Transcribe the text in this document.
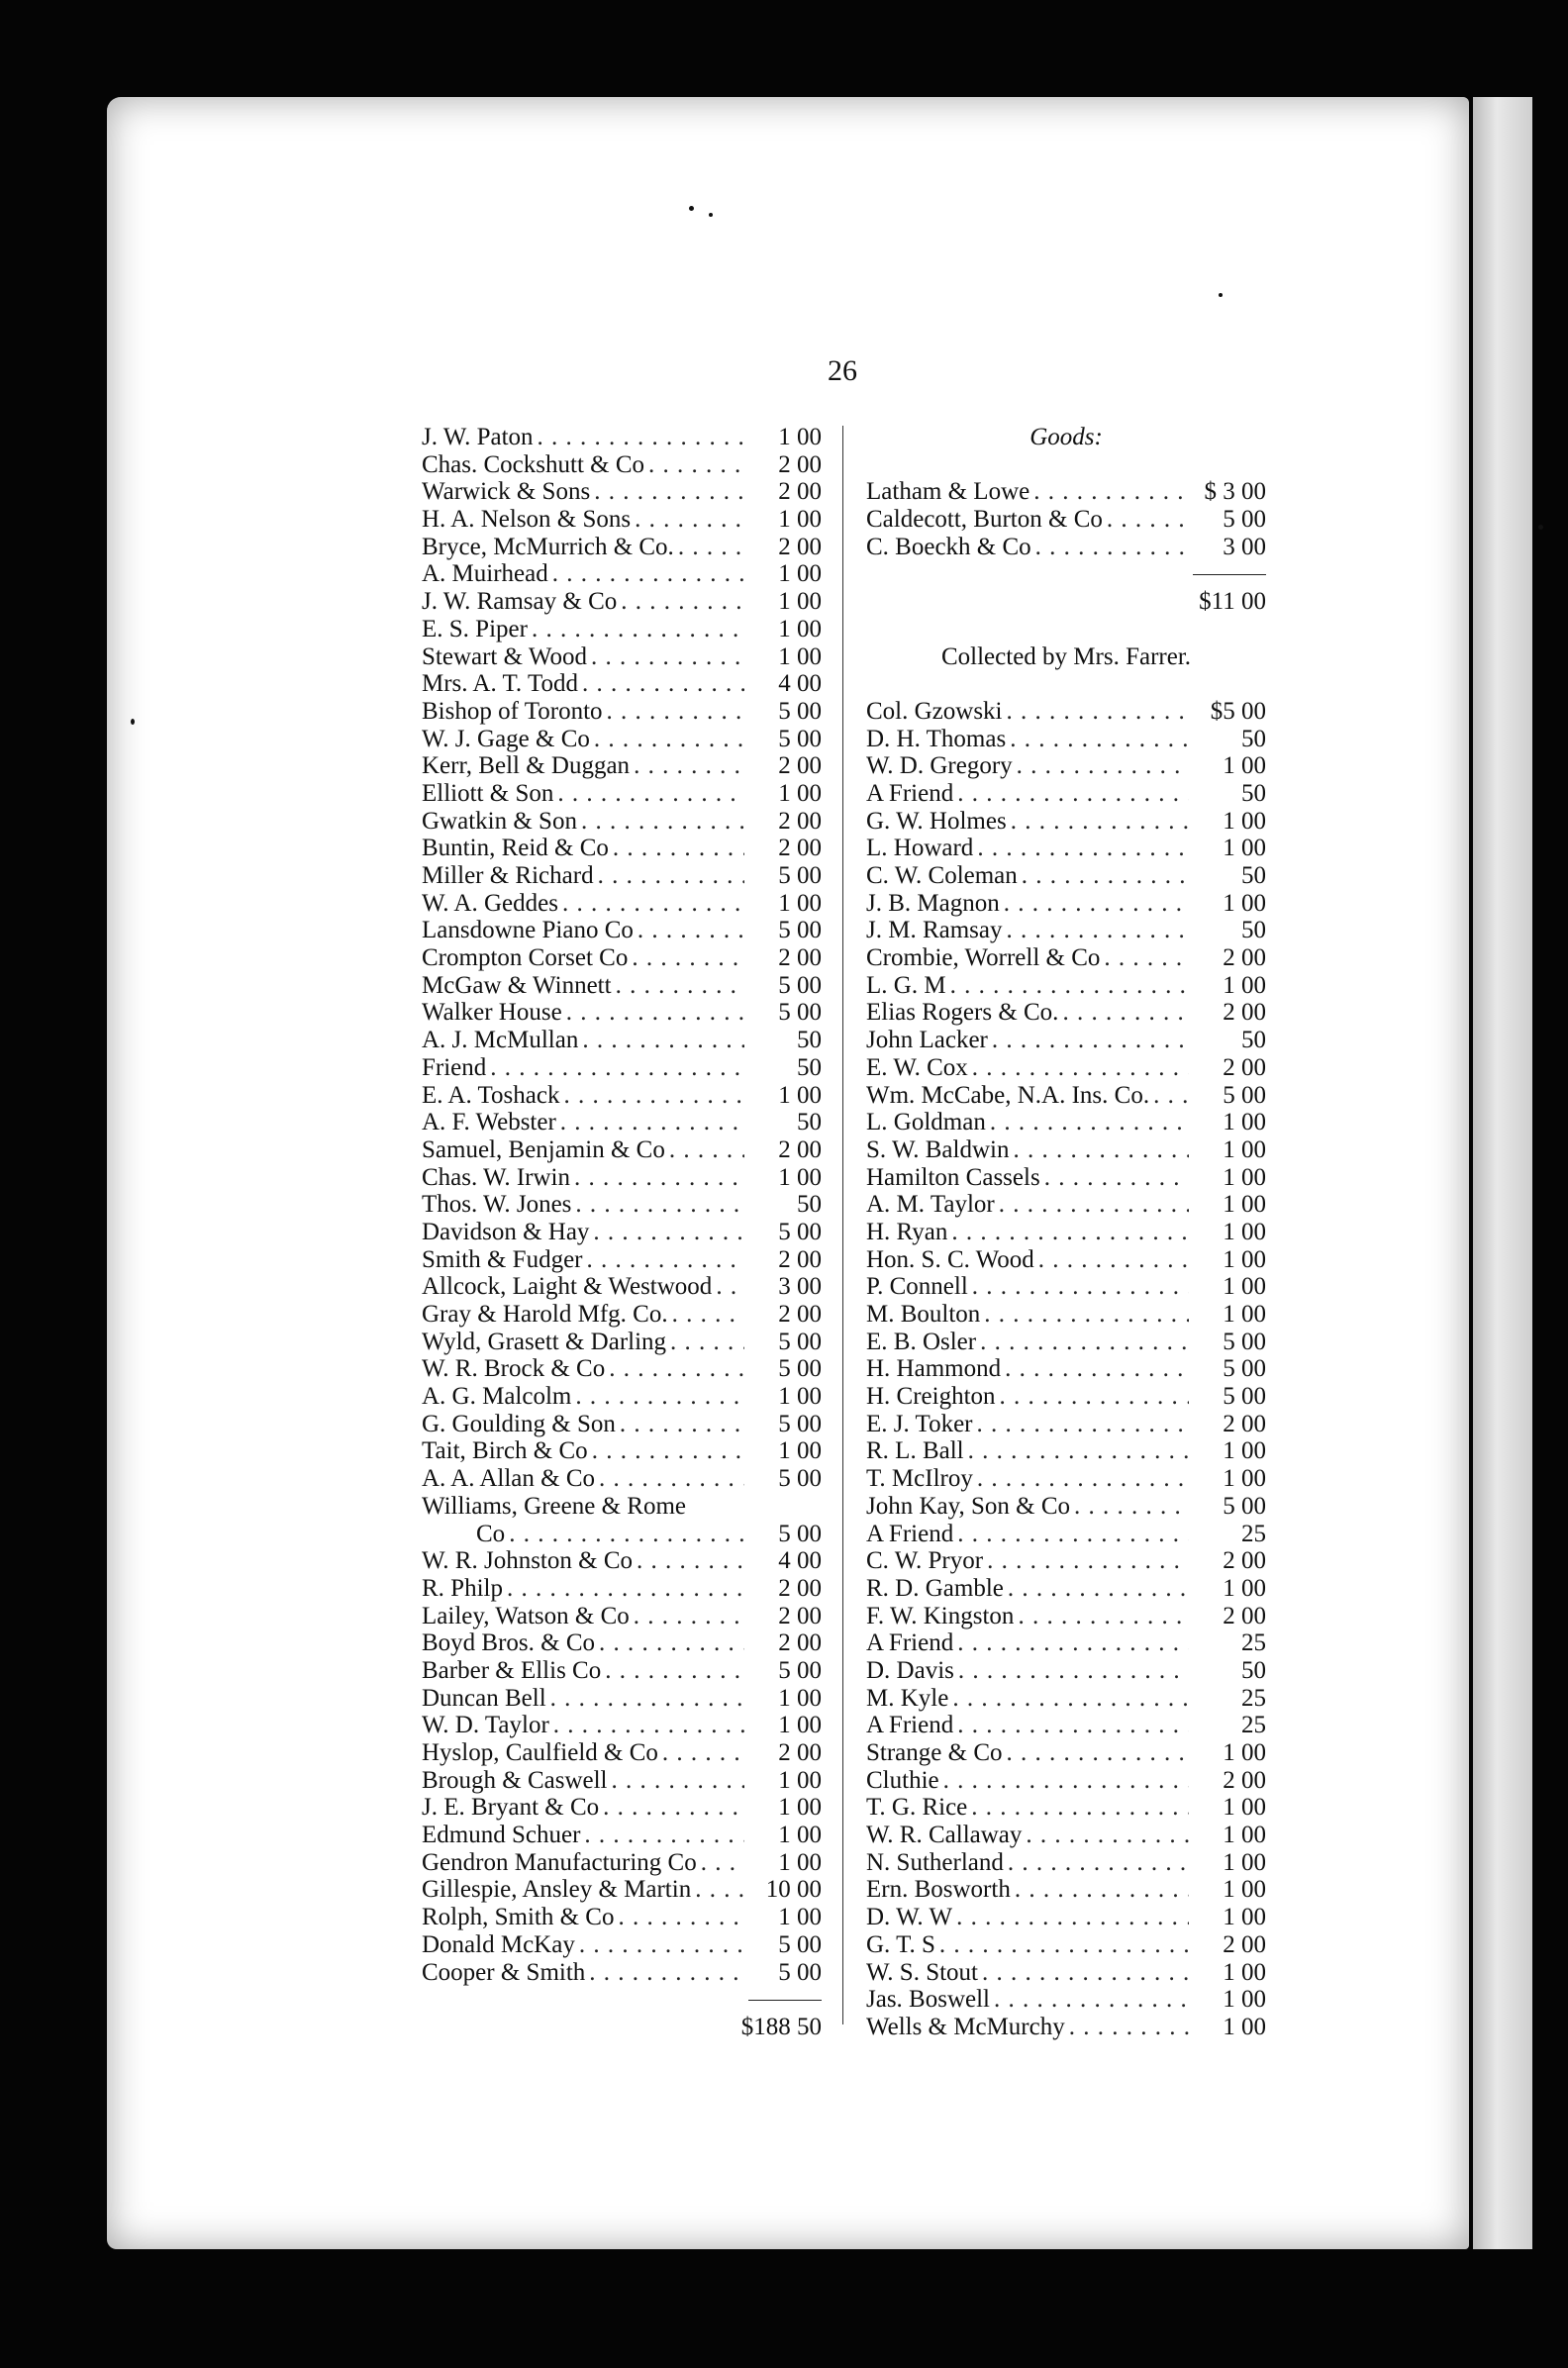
26
J. W. Paton . . .	1 00
Chas. Cockshutt & Co . . .	2 00
Warwick & Sons . . .	2 00
H. A. Nelson & Sons . . .	1 00
Bryce, McMurrich & Co. . . .	2 00
A. Muirhead . . .	1 00
J. W. Ramsay & Co . . .	1 00
E. S. Piper . . .	1 00
Stewart & Wood . . .	1 00
Mrs. A. T. Todd . . .	4 00
Bishop of Toronto . . .	5 00
W. J. Gage & Co . . .	5 00
Kerr, Bell & Duggan . . .	2 00
Elliott & Son . . .	1 00
Gwatkin & Son . . .	2 00
Buntin, Reid & Co . . .	2 00
Miller & Richard . . .	5 00
W. A. Geddes . . .	1 00
Lansdowne Piano Co . . .	5 00
Crompton Corset Co . . .	2 00
McGaw & Winnett . . .	5 00
Walker House . . .	5 00
A. J. McMullan . . .	50
Friend . . .	50
E. A. Toshack . . .	1 00
A. F. Webster . . .	50
Samuel, Benjamin & Co . . .	2 00
Chas. W. Irwin . . .	1 00
Thos. W. Jones . . .	50
Davidson & Hay . . .	5 00
Smith & Fudger . . .	2 00
Allcock, Laight & Westwood . . .	3 00
Gray & Harold Mfg. Co. . . .	2 00
Wyld, Grasett & Darling . . .	5 00
W. R. Brock & Co . . .	5 00
A. G. Malcolm . . .	1 00
G. Goulding & Son . . .	5 00
Tait, Birch & Co . . .	1 00
A. A. Allan & Co . . .	5 00
Williams, Greene & Rome
Co . . .	5 00
W. R. Johnston & Co . . .	4 00
R. Philp . . .	2 00
Lailey, Watson & Co . . .	2 00
Boyd Bros. & Co . . .	2 00
Barber & Ellis Co . . .	5 00
Duncan Bell . . .	1 00
W. D. Taylor . . .	1 00
Hyslop, Caulfield & Co . . .	2 00
Brough & Caswell . . .	1 00
J. E. Bryant & Co . . .	1 00
Edmund Schuer . . .	1 00
Gendron Manufacturing Co . . .	1 00
Gillespie, Ansley & Martin . . .	10 00
Rolph, Smith & Co . . .	1 00
Donald McKay . . .	5 00
Cooper & Smith . . .	5 00
$188 50
Goods:
Latham & Lowe . . .	$ 3 00
Caldecott, Burton & Co . . .	5 00
C. Boeckh & Co . . .	3 00
$11 00
Collected by Mrs. Farrer.
Col. Gzowski . . .	$5 00
D. H. Thomas . . .	50
W. D. Gregory . . .	1 00
A Friend . . .	50
G. W. Holmes . . .	1 00
L. Howard . . .	1 00
C. W. Coleman . . .	50
J. B. Magnon . . .	1 00
J. M. Ramsay . . .	50
Crombie, Worrell & Co . . .	2 00
L. G. M . . .	1 00
Elias Rogers & Co. . . .	2 00
John Lacker . . .	50
E. W. Cox . . .	2 00
Wm. McCabe, N.A. Ins. Co. . . .	5 00
L. Goldman . . .	1 00
S. W. Baldwin . . .	1 00
Hamilton Cassels . . .	1 00
A. M. Taylor . . .	1 00
H. Ryan . . .	1 00
Hon. S. C. Wood . . .	1 00
P. Connell . . .	1 00
M. Boulton . . .	1 00
E. B. Osler . . .	5 00
H. Hammond . . .	5 00
H. Creighton . . .	5 00
E. J. Toker . . .	2 00
R. L. Ball . . .	1 00
T. McIlroy . . .	1 00
John Kay, Son & Co . . .	5 00
A Friend . . .	25
C. W. Pryor . . .	2 00
R. D. Gamble . . .	1 00
F. W. Kingston . . .	2 00
A Friend . . .	25
D. Davis . . .	50
M. Kyle . . .	25
A Friend . . .	25
Strange & Co . . .	1 00
Cluthie . . .	2 00
T. G. Rice . . .	1 00
W. R. Callaway . . .	1 00
N. Sutherland . . .	1 00
Ern. Bosworth . . .	1 00
D. W. W . . .	1 00
G. T. S . . .	2 00
W. S. Stout . . .	1 00
Jas. Boswell . . .	1 00
Wells & McMurchy . . .	1 00
